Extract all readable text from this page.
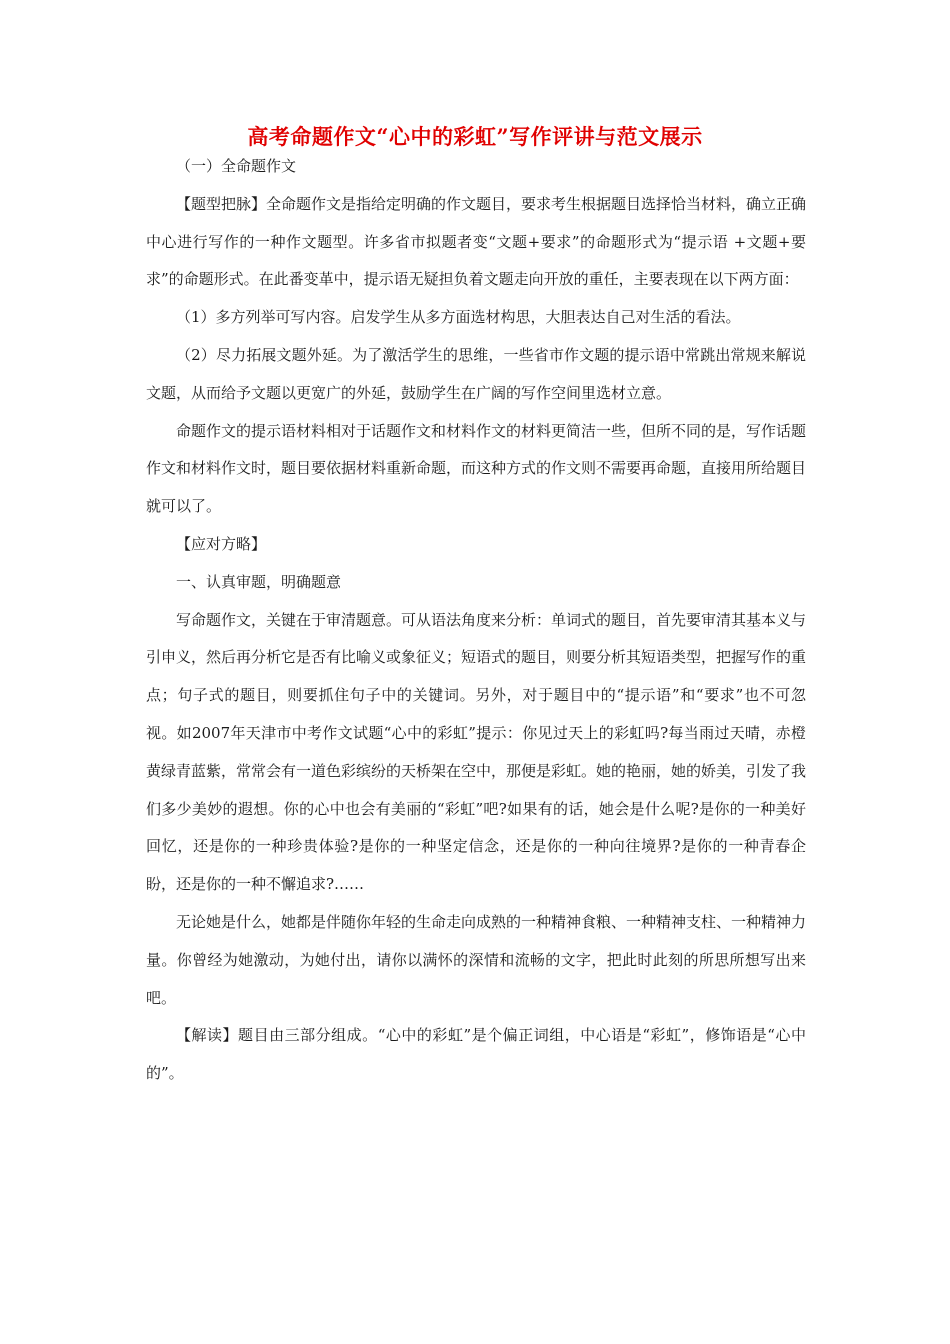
高考命题作文“心中的彩虹”写作评讲与范文展示

（一）全命题作文

【题型把脉】全命题作文是指给定明确的作文题目，要求考生根据题目选择恰当材料，确立正确中心进行写作的一种作文题型。许多省市拟题者变“文题+要求”的命题形式为“提示语 +文题+要求”的命题形式。在此番变革中，提示语无疑担负着文题走向开放的重任，主要表现在以下两方面：

（1）多方列举可写内容。启发学生从多方面选材构思，大胆表达自己对生活的看法。

（2）尽力拓展文题外延。为了激活学生的思维，一些省市作文题的提示语中常跳出常规来解说文题，从而给予文题以更宽广的外延，鼓励学生在广阔的写作空间里选材立意。

命题作文的提示语材料相对于话题作文和材料作文的材料更简洁一些，但所不同的是，写作话题作文和材料作文时，题目要依据材料重新命题，而这种方式的作文则不需要再命题，直接用所给题目就可以了。

【应对方略】

一、认真审题，明确题意

写命题作文，关键在于审清题意。可从语法角度来分析：单词式的题目，首先要审清其基本义与引申义，然后再分析它是否有比喻义或象征义；短语式的题目，则要分析其短语类型，把握写作的重点；句子式的题目，则要抓住句子中的关键词。另外，对于题目中的“提示语”和“要求”也不可忽视。如2007年天津市中考作文试题“心中的彩虹”提示：你见过天上的彩虹吗?每当雨过天晴，赤橙黄绿青蓝紫，常常会有一道色彩缤纷的天桥架在空中，那便是彩虹。她的艳丽，她的娇美，引发了我们多少美妙的遐想。你的心中也会有美丽的“彩虹”吧?如果有的话，她会是什么呢?是你的一种美好回忆，还是你的一种珍贵体验?是你的一种坚定信念，还是你的一种向往境界?是你的一种青春企盼，还是你的一种不懈追求?……

无论她是什么，她都是伴随你年轻的生命走向成熟的一种精神食粮、一种精神支柱、一种精神力量。你曾经为她激动，为她付出，请你以满怀的深情和流畅的文字，把此时此刻的所思所想写出来吧。

【解读】题目由三部分组成。“心中的彩虹”是个偏正词组，中心语是“彩虹”，修饰语是“心中的”。
